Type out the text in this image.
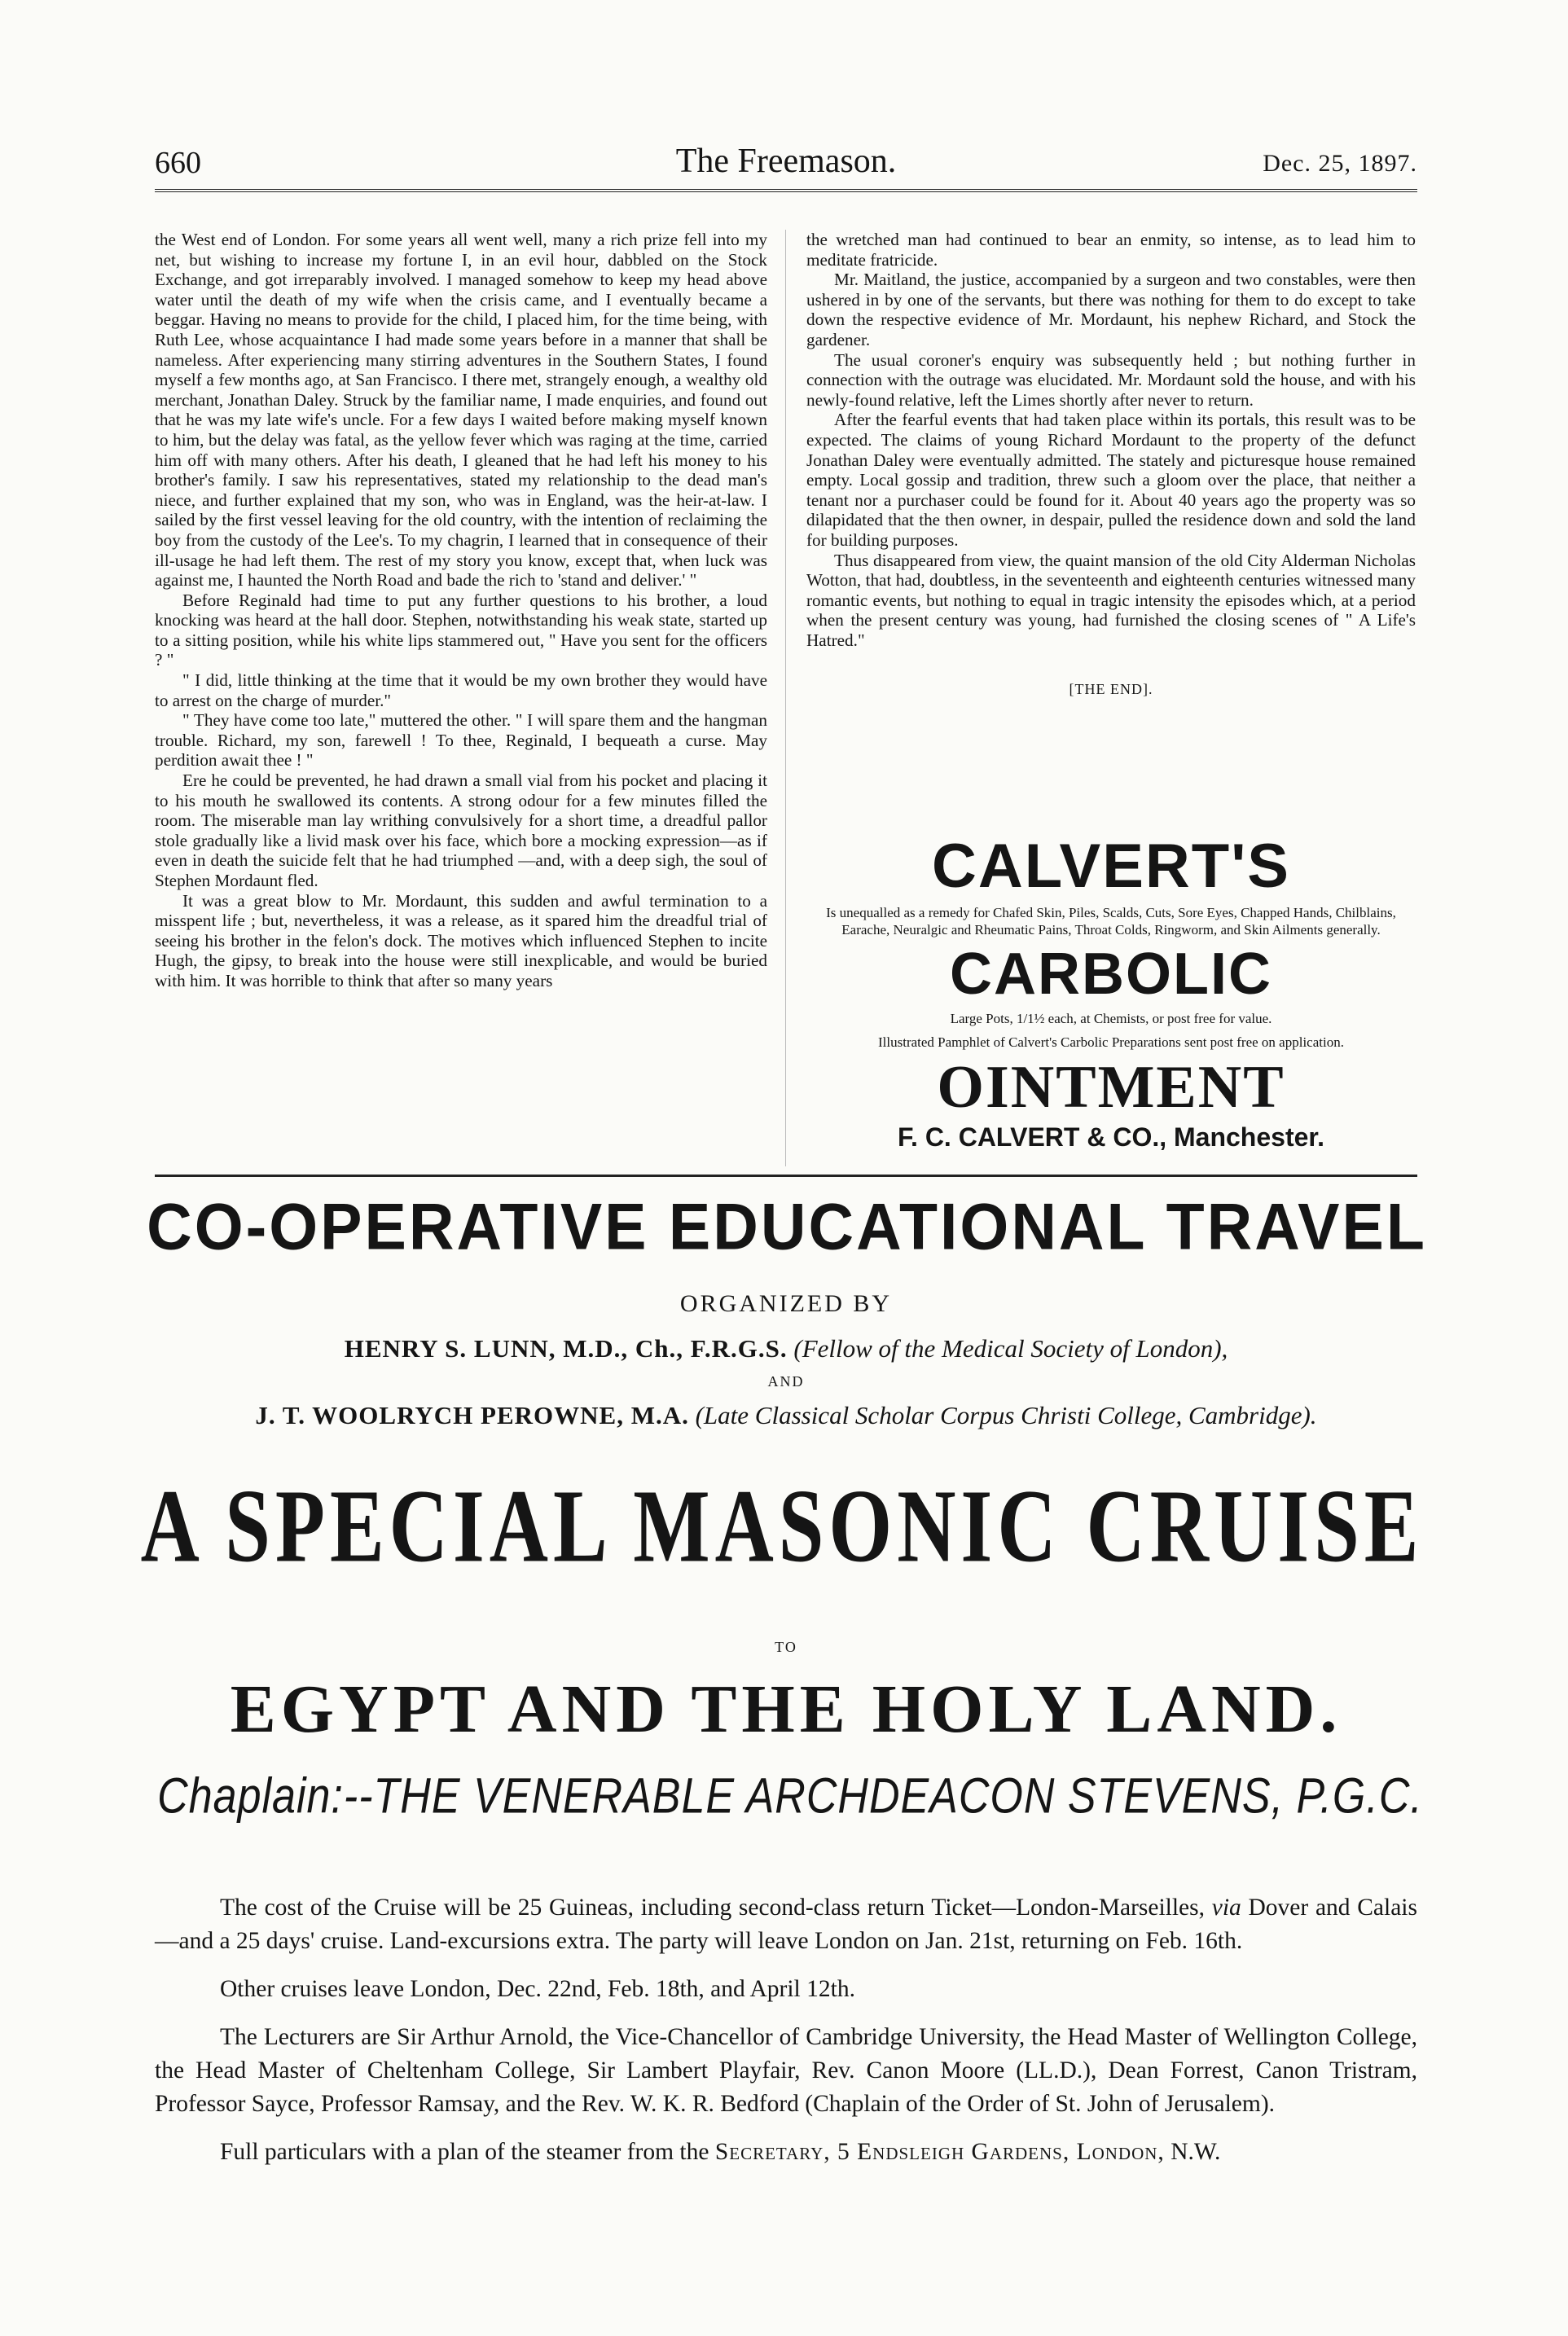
660	The Freemason.	Dec. 25, 1897.

the West end of London. For some years all went well, many a rich prize fell into my net, but wishing to increase my fortune I, in an evil hour, dabbled on the Stock Exchange, and got irreparably involved. I managed somehow to keep my head above water until the death of my wife when the crisis came, and I eventually became a beggar. Having no means to provide for the child, I placed him, for the time being, with Ruth Lee, whose acquaintance I had made some years before in a manner that shall be nameless. After experiencing many stirring adventures in the Southern States, I found myself a few months ago, at San Francisco. I there met, strangely enough, a wealthy old merchant, Jonathan Daley. Struck by the familiar name, I made enquiries, and found out that he was my late wife's uncle. For a few days I waited before making myself known to him, but the delay was fatal, as the yellow fever which was raging at the time, carried him off with many others. After his death, I gleaned that he had left his money to his brother's family. I saw his representatives, stated my relationship to the dead man's niece, and further explained that my son, who was in England, was the heir-at-law. I sailed by the first vessel leaving for the old country, with the intention of reclaiming the boy from the custody of the Lee's. To my chagrin, I learned that in consequence of their ill-usage he had left them. The rest of my story you know, except that, when luck was against me, I haunted the North Road and bade the rich to 'stand and deliver.' "

Before Reginald had time to put any further questions to his brother, a loud knocking was heard at the hall door. Stephen, notwithstanding his weak state, started up to a sitting position, while his white lips stammered out, " Have you sent for the officers ? "

" I did, little thinking at the time that it would be my own brother they would have to arrest on the charge of murder."

" They have come too late," muttered the other. " I will spare them and the hangman trouble. Richard, my son, farewell ! To thee, Reginald, I bequeath a curse. May perdition await thee ! "

Ere he could be prevented, he had drawn a small vial from his pocket and placing it to his mouth he swallowed its contents. A strong odour for a few minutes filled the room. The miserable man lay writhing convulsively for a short time, a dreadful pallor stole gradually like a livid mask over his face, which bore a mocking expression—as if even in death the suicide felt that he had triumphed —and, with a deep sigh, the soul of Stephen Mordaunt fled.

It was a great blow to Mr. Mordaunt, this sudden and awful termination to a misspent life ; but, nevertheless, it was a release, as it spared him the dreadful trial of seeing his brother in the felon's dock. The motives which influenced Stephen to incite Hugh, the gipsy, to break into the house were still inexplicable, and would be buried with him. It was horrible to think that after so many years

the wretched man had continued to bear an enmity, so intense, as to lead him to meditate fratricide.

Mr. Maitland, the justice, accompanied by a surgeon and two constables, were then ushered in by one of the servants, but there was nothing for them to do except to take down the respective evidence of Mr. Mordaunt, his nephew Richard, and Stock the gardener.

The usual coroner's enquiry was subsequently held ; but nothing further in connection with the outrage was elucidated. Mr. Mordaunt sold the house, and with his newly-found relative, left the Limes shortly after never to return.

After the fearful events that had taken place within its portals, this result was to be expected. The claims of young Richard Mordaunt to the property of the defunct Jonathan Daley were eventually admitted. The stately and picturesque house remained empty. Local gossip and tradition, threw such a gloom over the place, that neither a tenant nor a purchaser could be found for it. About 40 years ago the property was so dilapidated that the then owner, in despair, pulled the residence down and sold the land for building purposes.

Thus disappeared from view, the quaint mansion of the old City Alderman Nicholas Wotton, that had, doubtless, in the seventeenth and eighteenth centuries witnessed many romantic events, but nothing to equal in tragic intensity the episodes which, at a period when the present century was young, had furnished the closing scenes of " A Life's Hatred."

[THE END].

CALVERT'S

Is unequalled as a remedy for Chafed Skin, Piles, Scalds, Cuts, Sore Eyes, Chapped Hands, Chilblains, Earache, Neuralgic and Rheumatic Pains, Throat Colds, Ringworm, and Skin Ailments generally.

CARBOLIC

Large Pots, 1/1½ each, at Chemists, or post free for value.

Illustrated Pamphlet of Calvert's Carbolic Preparations sent post free on application.

OINTMENT

F. C. CALVERT & CO., Manchester.

CO-OPERATIVE EDUCATIONAL TRAVEL
ORGANIZED BY
HENRY S. LUNN, M.D., Ch., F.R.G.S. (Fellow of the Medical Society of London),
AND
J. T. WOOLRYCH PEROWNE, M.A. (Late Classical Scholar Corpus Christi College, Cambridge).
A SPECIAL MASONIC CRUISE
TO
EGYPT AND THE HOLY LAND.
Chaplain:--THE VENERABLE ARCHDEACON STEVENS, P.G.C.

The cost of the Cruise will be 25 Guineas, including second-class return Ticket—London-Marseilles, via Dover and Calais—and a 25 days' cruise. Land-excursions extra. The party will leave London on Jan. 21st, returning on Feb. 16th.

Other cruises leave London, Dec. 22nd, Feb. 18th, and April 12th.

The Lecturers are Sir Arthur Arnold, the Vice-Chancellor of Cambridge University, the Head Master of Wellington College, the Head Master of Cheltenham College, Sir Lambert Playfair, Rev. Canon Moore (LL.D.), Dean Forrest, Canon Tristram, Professor Sayce, Professor Ramsay, and the Rev. W. K. R. Bedford (Chaplain of the Order of St. John of Jerusalem).

Full particulars with a plan of the steamer from the Secretary, 5 Endsleigh Gardens, London, N.W.
